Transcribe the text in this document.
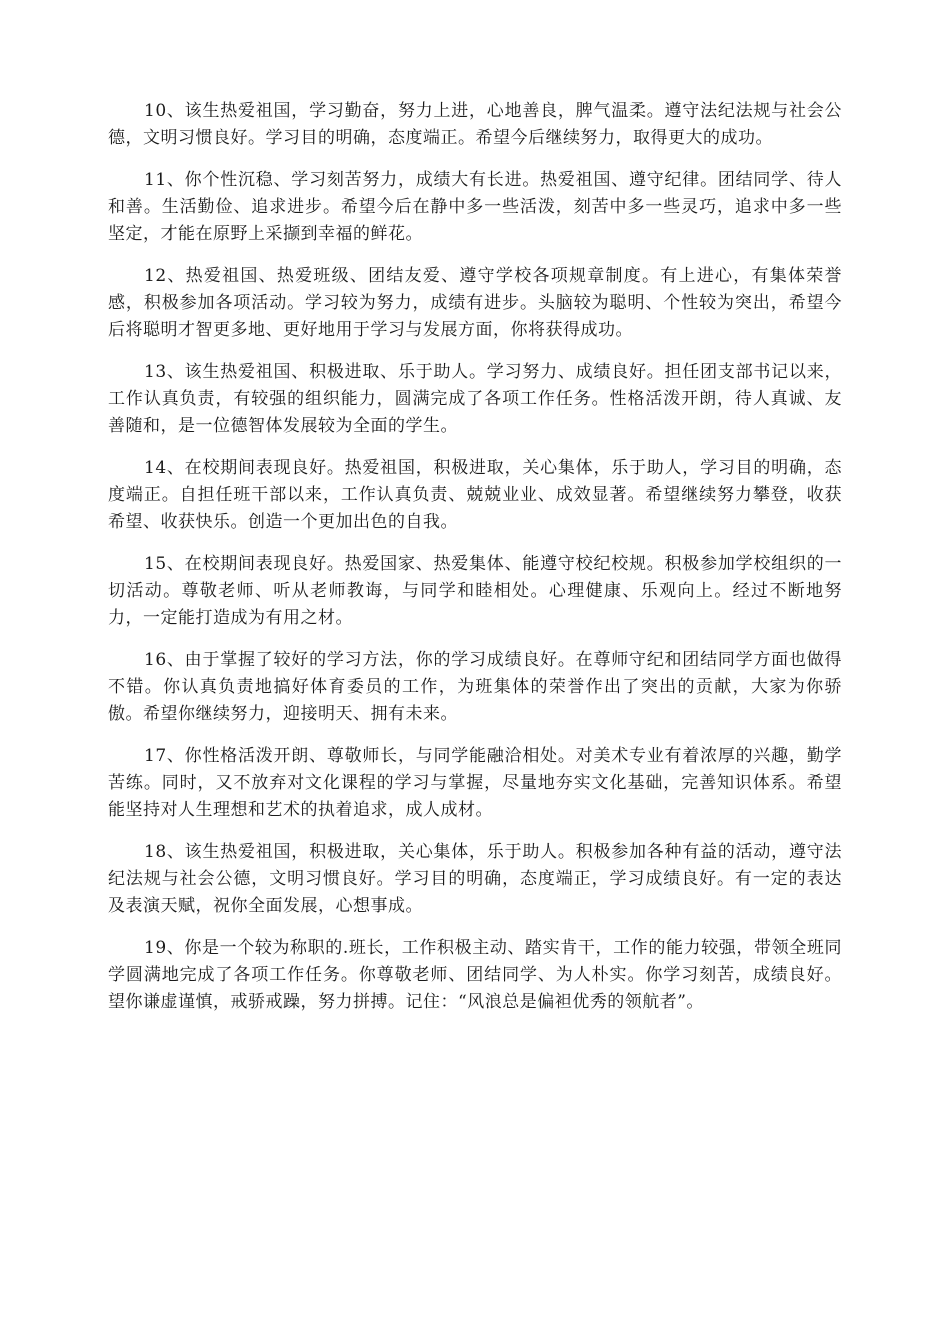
10、该生热爱祖国，学习勤奋，努力上进，心地善良，脾气温柔。遵守法纪法规与社会公德，文明习惯良好。学习目的明确，态度端正。希望今后继续努力，取得更大的成功。

11、你个性沉稳、学习刻苦努力，成绩大有长进。热爱祖国、遵守纪律。团结同学、待人和善。生活勤俭、追求进步。希望今后在静中多一些活泼，刻苦中多一些灵巧，追求中多一些坚定，才能在原野上采撷到幸福的鲜花。

12、热爱祖国、热爱班级、团结友爱、遵守学校各项规章制度。有上进心，有集体荣誉感，积极参加各项活动。学习较为努力，成绩有进步。头脑较为聪明、个性较为突出，希望今后将聪明才智更多地、更好地用于学习与发展方面，你将获得成功。

13、该生热爱祖国、积极进取、乐于助人。学习努力、成绩良好。担任团支部书记以来，工作认真负责，有较强的组织能力，圆满完成了各项工作任务。性格活泼开朗，待人真诚、友善随和，是一位德智体发展较为全面的学生。

14、在校期间表现良好。热爱祖国，积极进取，关心集体，乐于助人，学习目的明确，态度端正。自担任班干部以来，工作认真负责、兢兢业业、成效显著。希望继续努力攀登，收获希望、收获快乐。创造一个更加出色的自我。

15、在校期间表现良好。热爱国家、热爱集体、能遵守校纪校规。积极参加学校组织的一切活动。尊敬老师、听从老师教诲，与同学和睦相处。心理健康、乐观向上。经过不断地努力，一定能打造成为有用之材。

16、由于掌握了较好的学习方法，你的学习成绩良好。在尊师守纪和团结同学方面也做得不错。你认真负责地搞好体育委员的工作，为班集体的荣誉作出了突出的贡献，大家为你骄傲。希望你继续努力，迎接明天、拥有未来。

17、你性格活泼开朗、尊敬师长，与同学能融洽相处。对美术专业有着浓厚的兴趣，勤学苦练。同时，又不放弃对文化课程的学习与掌握，尽量地夯实文化基础，完善知识体系。希望能坚持对人生理想和艺术的执着追求，成人成材。

18、该生热爱祖国，积极进取，关心集体，乐于助人。积极参加各种有益的活动，遵守法纪法规与社会公德，文明习惯良好。学习目的明确，态度端正，学习成绩良好。有一定的表达及表演天赋，祝你全面发展，心想事成。

19、你是一个较为称职的.班长，工作积极主动、踏实肯干，工作的能力较强，带领全班同学圆满地完成了各项工作任务。你尊敬老师、团结同学、为人朴实。你学习刻苦，成绩良好。望你谦虚谨慎，戒骄戒躁，努力拼搏。记住：“风浪总是偏袒优秀的领航者”。
